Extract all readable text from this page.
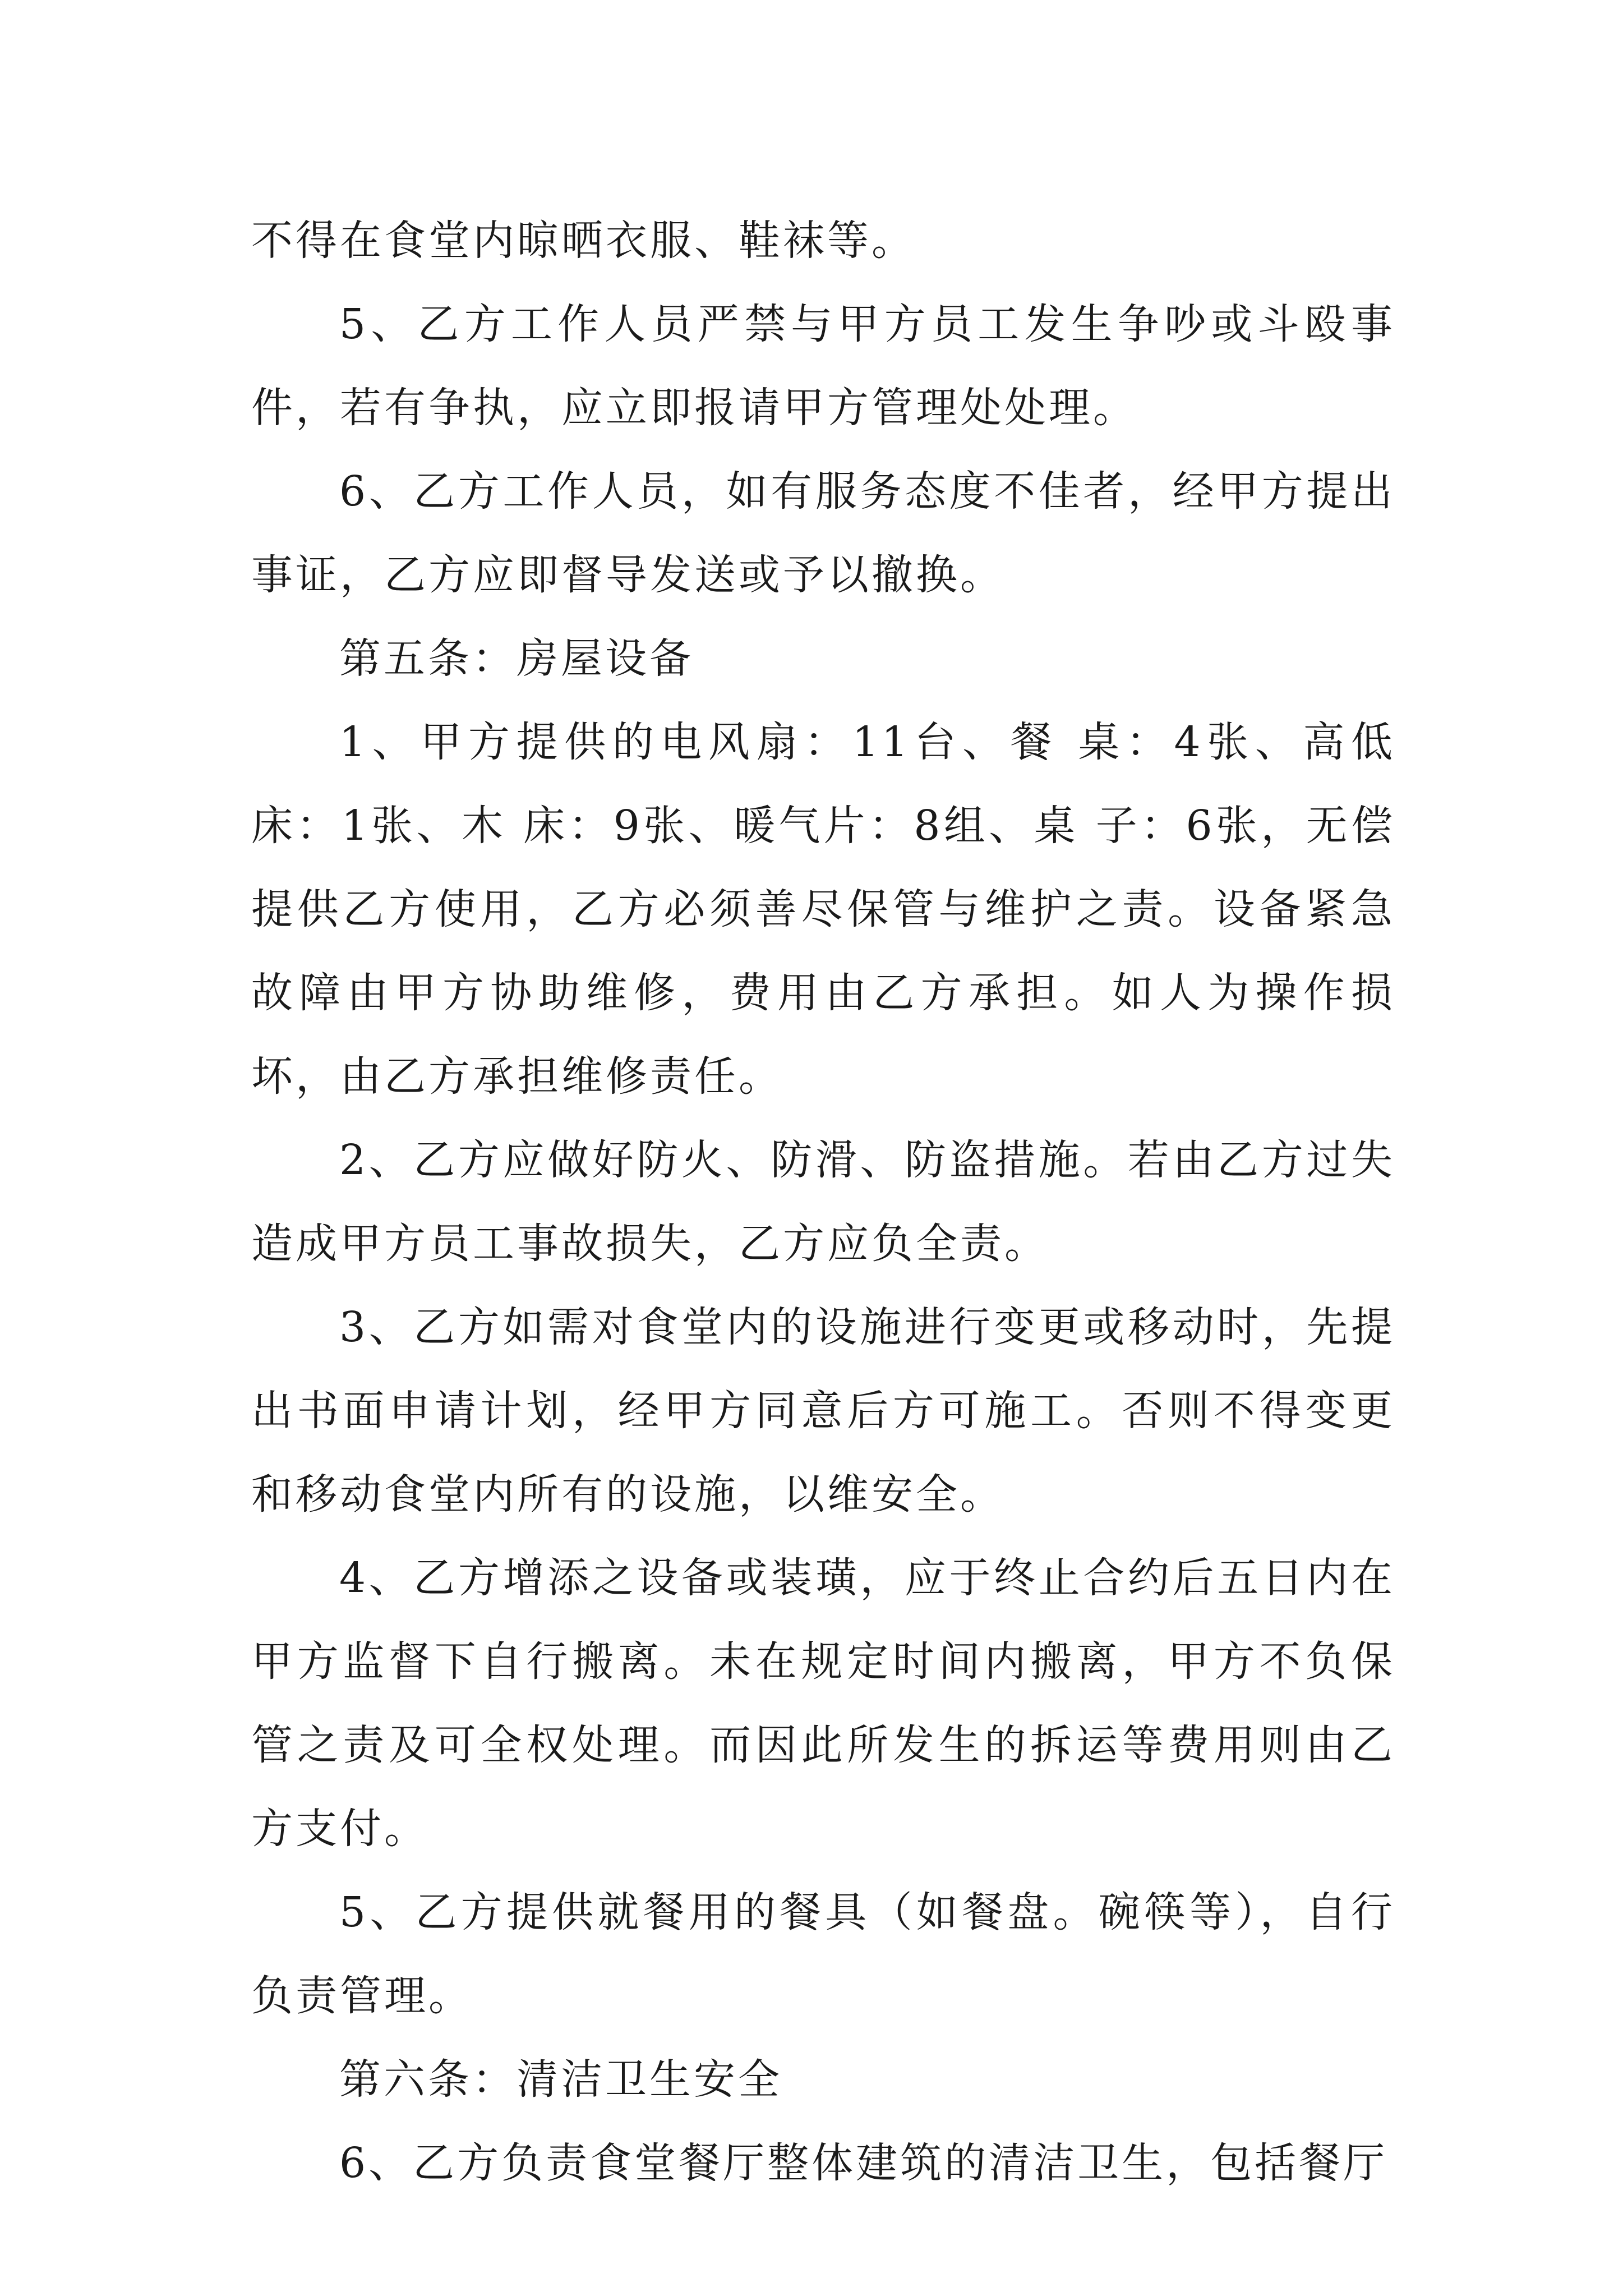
不得在食堂内晾晒衣服、鞋袜等。

5、乙方工作人员严禁与甲方员工发生争吵或斗殴事件，若有争执，应立即报请甲方管理处处理。

6、乙方工作人员，如有服务态度不佳者，经甲方提出事证，乙方应即督导发送或予以撤换。

第五条：房屋设备

1、甲方提供的电风扇：11台、餐 桌：4张、高低床：1张、木 床：9张、暖气片：8组、桌 子：6张，无偿提供乙方使用，乙方必须善尽保管与维护之责。设备紧急故障由甲方协助维修，费用由乙方承担。如人为操作损坏，由乙方承担维修责任。

2、乙方应做好防火、防滑、防盗措施。若由乙方过失造成甲方员工事故损失，乙方应负全责。

3、乙方如需对食堂内的设施进行变更或移动时，先提出书面申请计划，经甲方同意后方可施工。否则不得变更和移动食堂内所有的设施，以维安全。

4、乙方增添之设备或装璜，应于终止合约后五日内在甲方监督下自行搬离。未在规定时间内搬离，甲方不负保管之责及可全权处理。而因此所发生的拆运等费用则由乙方支付。

5、乙方提供就餐用的餐具（如餐盘。碗筷等），自行负责管理。

第六条：清洁卫生安全

6、乙方负责食堂餐厅整体建筑的清洁卫生，包括餐厅
